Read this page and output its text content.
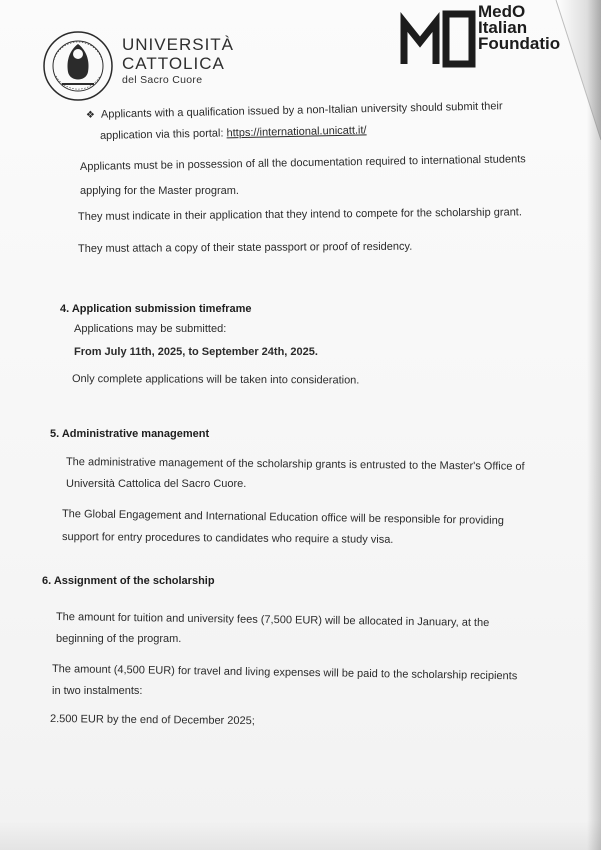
UNIVERSITÀ
CATTOLICA
del Sacro Cuore
MedO
Italian
Foundatio
❖ Applicants with a qualification issued by a non-Italian university should submit their
application via this portal: https://international.unicatt.it/
Applicants must be in possession of all the documentation required to international students
applying for the Master program.
They must indicate in their application that they intend to compete for the scholarship grant.
They must attach a copy of their state passport or proof of residency.
4. Application submission timeframe
Applications may be submitted:
From July 11th, 2025, to September 24th, 2025.
Only complete applications will be taken into consideration.
5. Administrative management
The administrative management of the scholarship grants is entrusted to the Master's Office of
Università Cattolica del Sacro Cuore.
The Global Engagement and International Education office will be responsible for providing
support for entry procedures to candidates who require a study visa.
6. Assignment of the scholarship
The amount for tuition and university fees (7,500 EUR) will be allocated in January, at the
beginning of the program.
The amount (4,500 EUR) for travel and living expenses will be paid to the scholarship recipients
in two instalments:
2.500 EUR by the end of December 2025;
